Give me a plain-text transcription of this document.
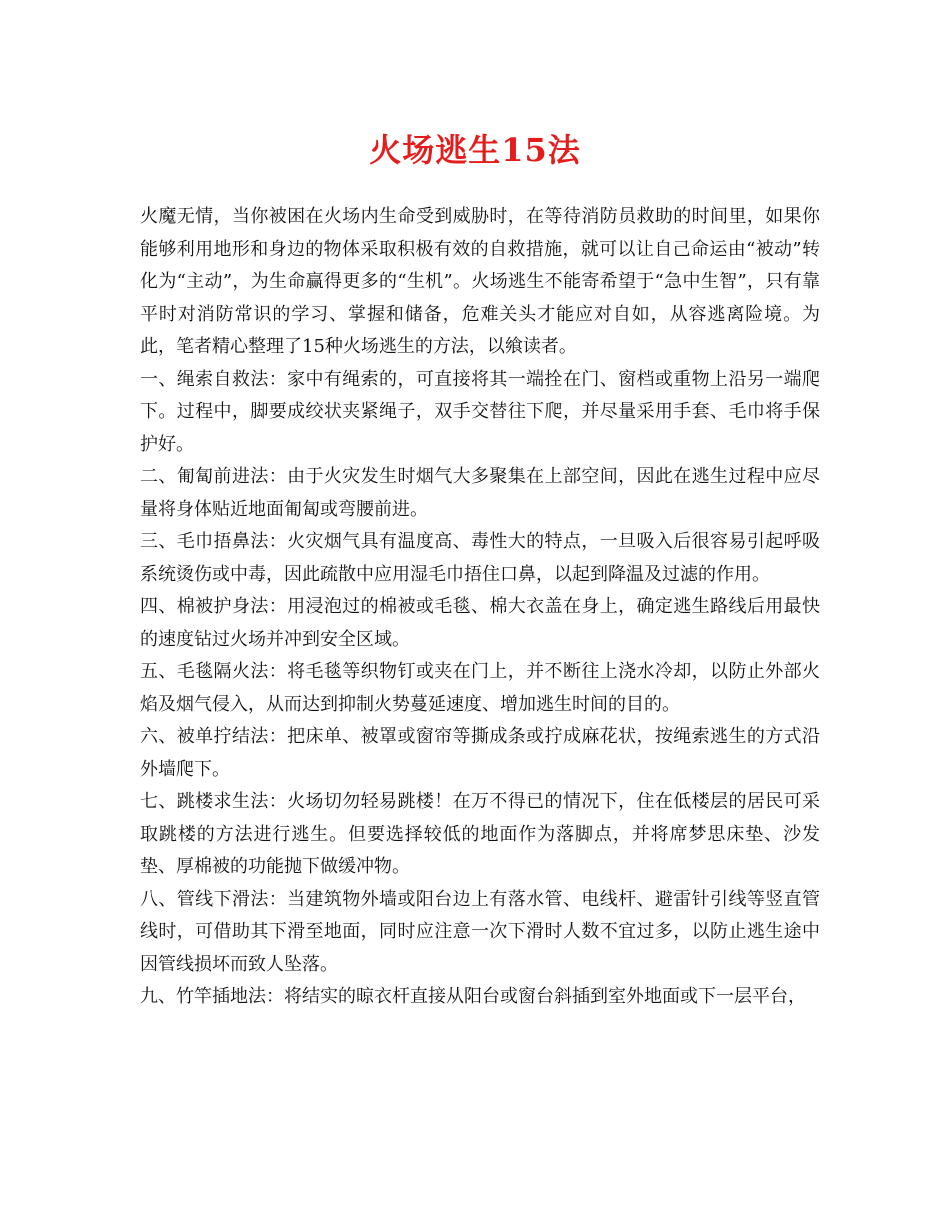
火场逃生15法

火魔无情，当你被困在火场内生命受到威胁时，在等待消防员救助的时间里，如果你能够利用地形和身边的物体采取积极有效的自救措施，就可以让自己命运由“被动”转化为“主动”，为生命赢得更多的“生机”。火场逃生不能寄希望于“急中生智”，只有靠平时对消防常识的学习、掌握和储备，危难关头才能应对自如，从容逃离险境。为此，笔者精心整理了15种火场逃生的方法，以飨读者。

一、绳索自救法：家中有绳索的，可直接将其一端拴在门、窗档或重物上沿另一端爬下。过程中，脚要成绞状夹紧绳子，双手交替往下爬，并尽量采用手套、毛巾将手保护好。

二、匍匐前进法：由于火灾发生时烟气大多聚集在上部空间，因此在逃生过程中应尽量将身体贴近地面匍匐或弯腰前进。

三、毛巾捂鼻法：火灾烟气具有温度高、毒性大的特点，一旦吸入后很容易引起呼吸系统烫伤或中毒，因此疏散中应用湿毛巾捂住口鼻，以起到降温及过滤的作用。

四、棉被护身法：用浸泡过的棉被或毛毯、棉大衣盖在身上，确定逃生路线后用最快的速度钻过火场并冲到安全区域。

五、毛毯隔火法：将毛毯等织物钉或夹在门上，并不断往上浇水冷却，以防止外部火焰及烟气侵入，从而达到抑制火势蔓延速度、增加逃生时间的目的。

六、被单拧结法：把床单、被罩或窗帘等撕成条或拧成麻花状，按绳索逃生的方式沿外墙爬下。

七、跳楼求生法：火场切勿轻易跳楼！在万不得已的情况下，住在低楼层的居民可采取跳楼的方法进行逃生。但要选择较低的地面作为落脚点，并将席梦思床垫、沙发垫、厚棉被的功能抛下做缓冲物。

八、管线下滑法：当建筑物外墙或阳台边上有落水管、电线杆、避雷针引线等竖直管线时，可借助其下滑至地面，同时应注意一次下滑时人数不宜过多，以防止逃生途中因管线损坏而致人坠落。

九、竹竿插地法：将结实的晾衣杆直接从阳台或窗台斜插到室外地面或下一层平台，
